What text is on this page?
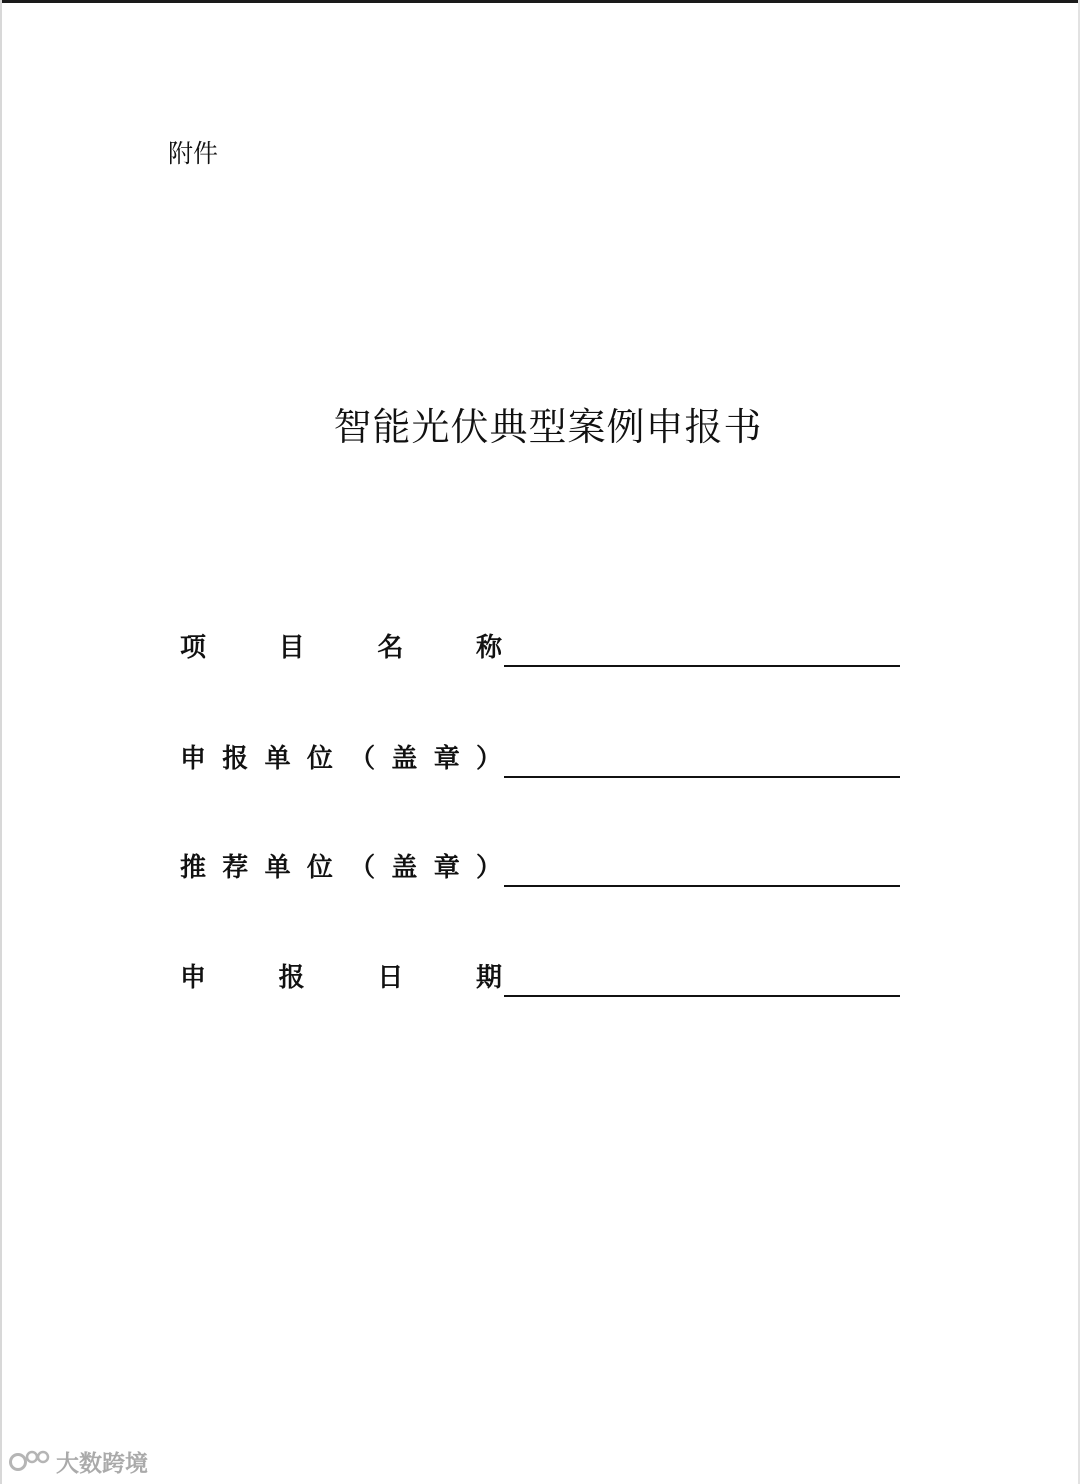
附件
智能光伏典型案例申报书
项	目	名	称
申 报 单 位 （ 盖 章 ）
推 荐 单 位 （ 盖 章 ）
申	报	日	期
大数跨境
